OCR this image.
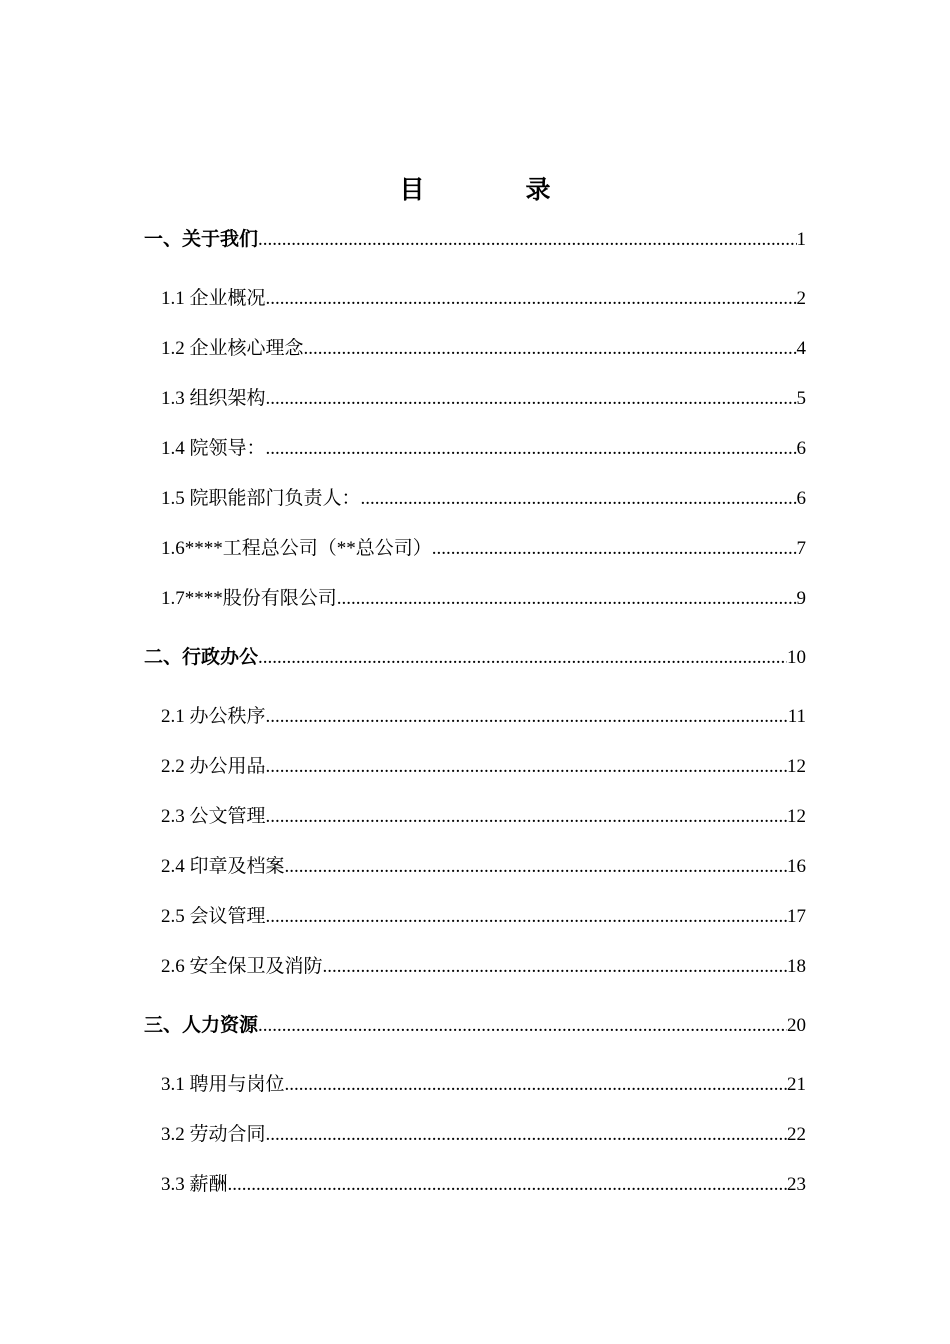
目　录
一、关于我们 .....	1
1.1 企业概况 .....	2
1.2 企业核心理念 .....	4
1.3 组织架构 .....	5
1.4 院领导： .....	6
1.5 院职能部门负责人： .....	6
1.6****工程总公司（**总公司） .....	7
1.7****股份有限公司 .....	9
二、行政办公 .....	10
2.1 办公秩序 .....	11
2.2 办公用品 .....	12
2.3 公文管理 .....	12
2.4 印章及档案 .....	16
2.5 会议管理 .....	17
2.6 安全保卫及消防 .....	18
三、人力资源 .....	20
3.1 聘用与岗位 .....	21
3.2 劳动合同 .....	22
3.3 薪酬 .....	23
